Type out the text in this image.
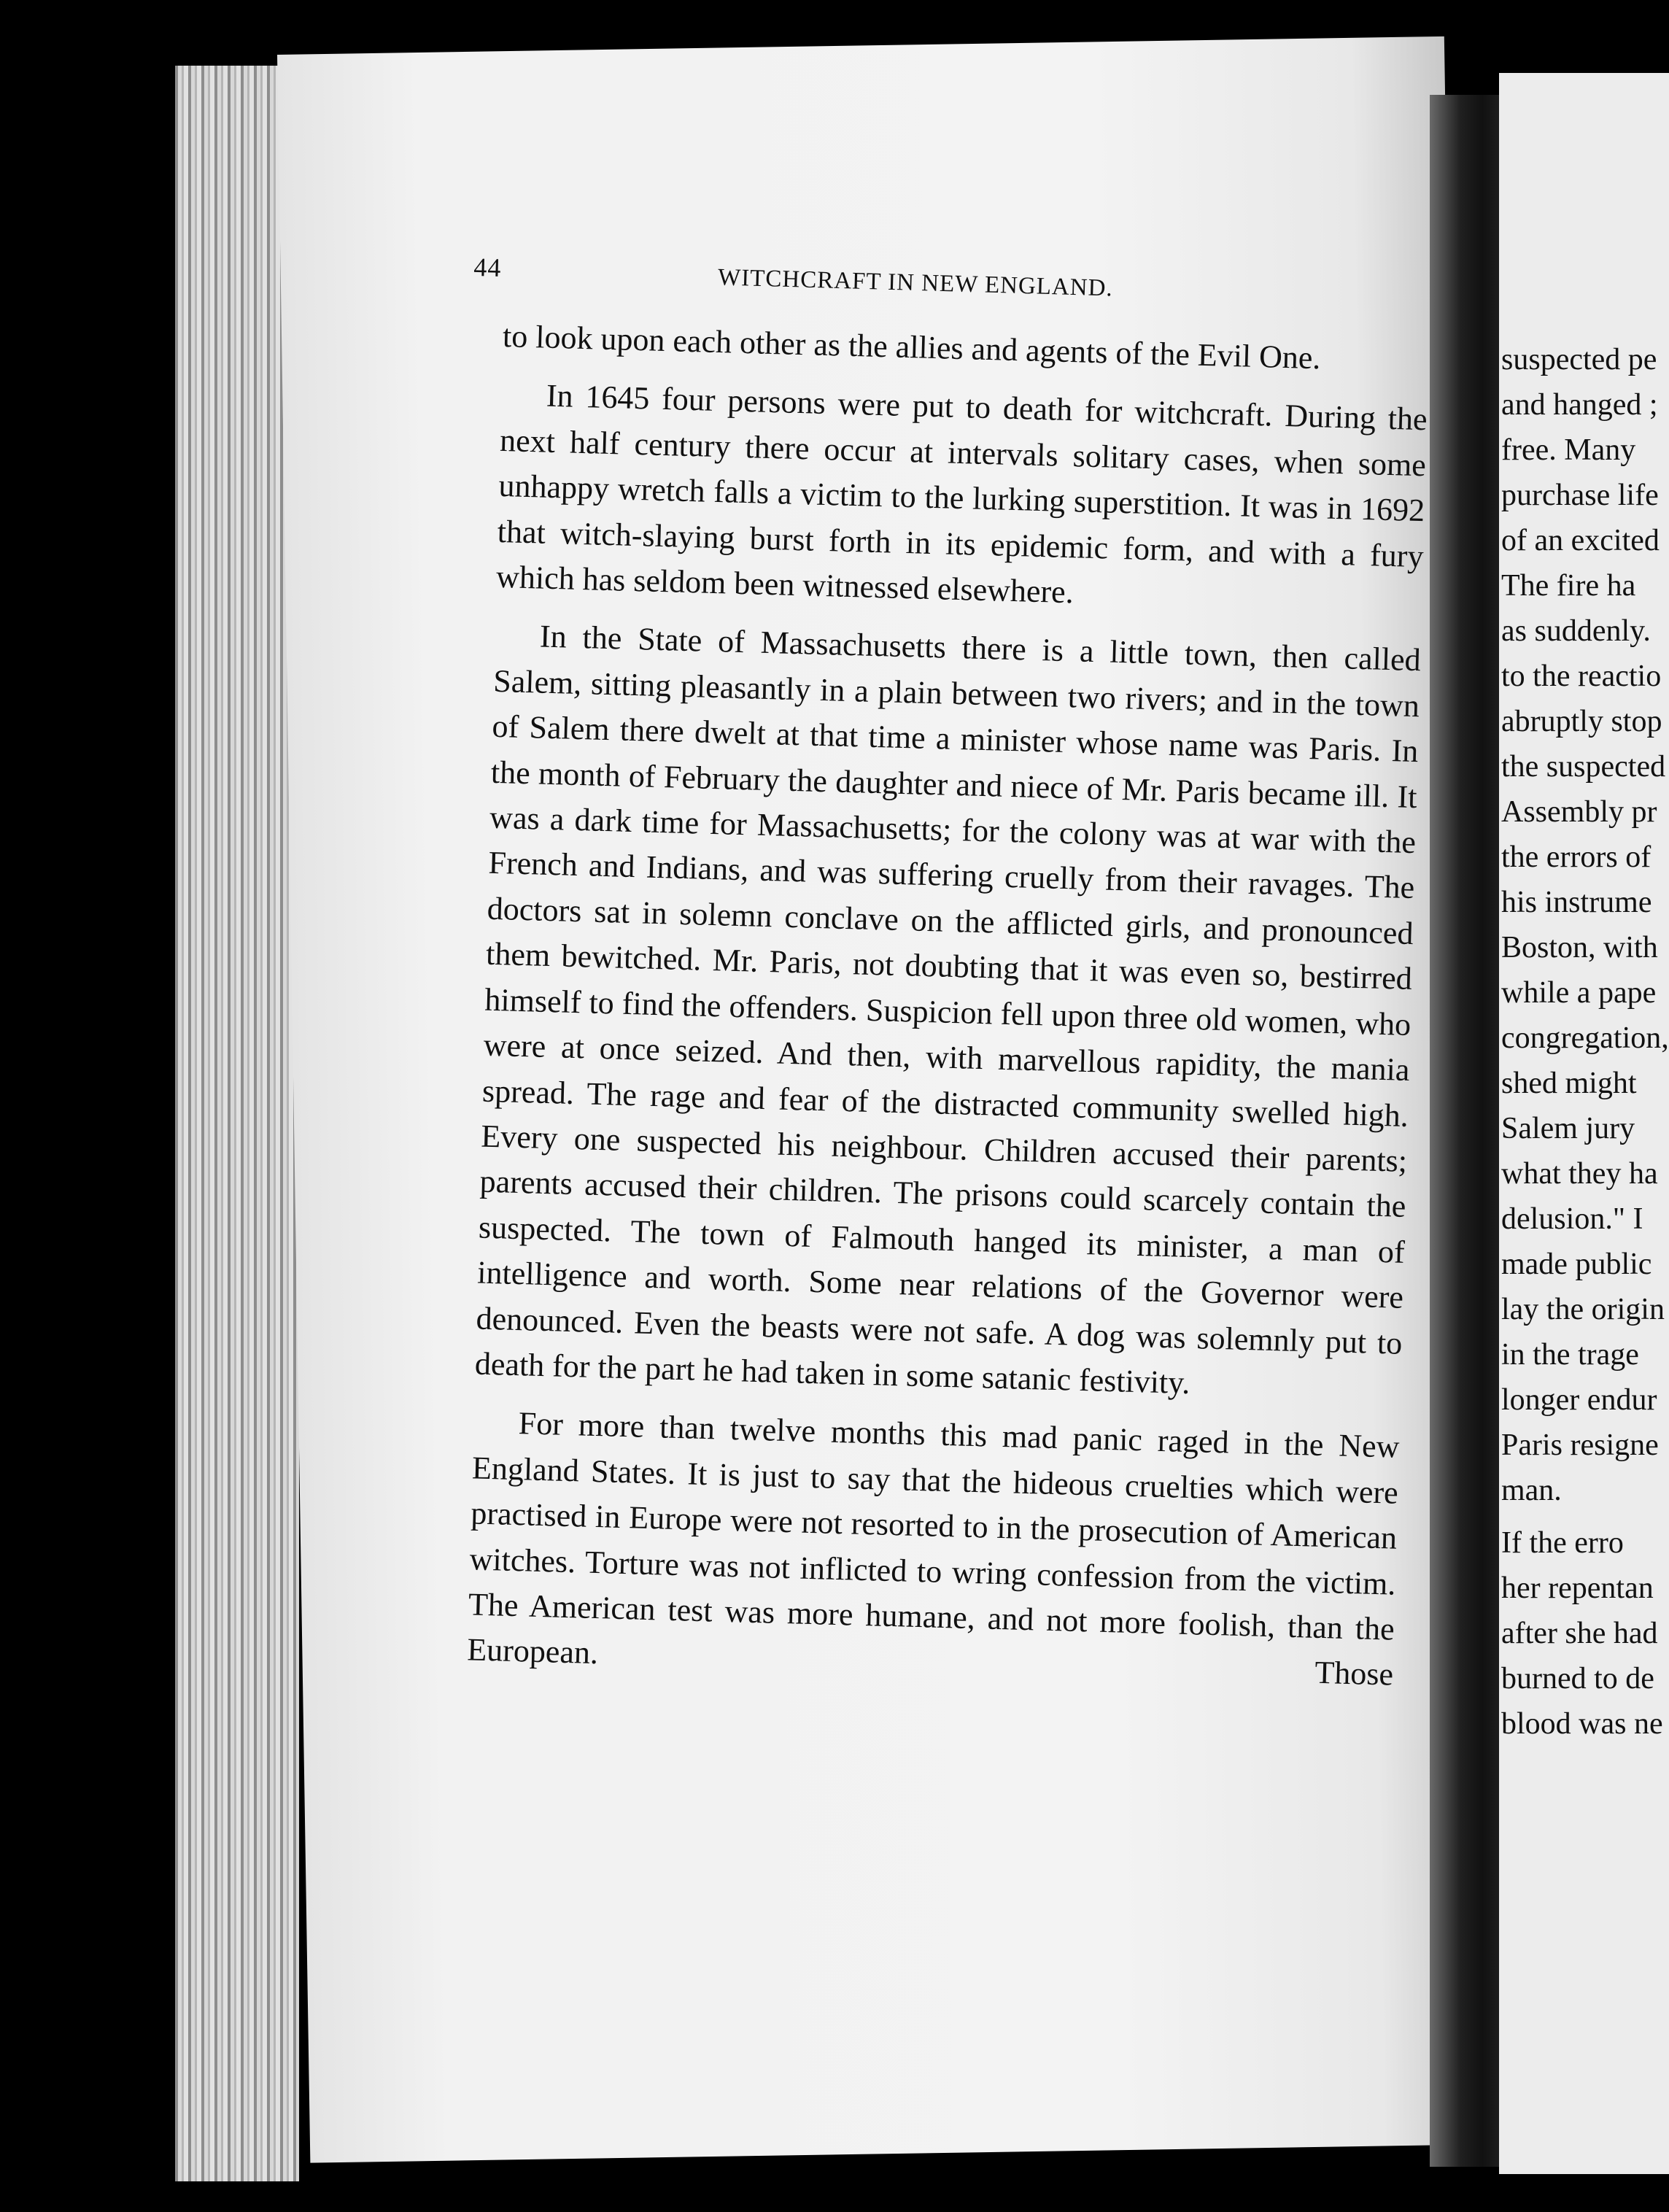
44	WITCHCRAFT IN NEW ENGLAND.

to look upon each other as the allies and agents of the Evil One.

In 1645 four persons were put to death for witchcraft. During the next half century there occur at intervals solitary cases, when some unhappy wretch falls a victim to the lurking superstition. It was in 1692 that witch-slaying burst forth in its epidemic form, and with a fury which has seldom been witnessed elsewhere.

In the State of Massachusetts there is a little town, then called Salem, sitting pleasantly in a plain between two rivers; and in the town of Salem there dwelt at that time a minister whose name was Paris. In the month of February the daughter and niece of Mr. Paris became ill. It was a dark time for Massachusetts; for the colony was at war with the French and Indians, and was suffering cruelly from their ravages. The doctors sat in solemn conclave on the afflicted girls, and pronounced them bewitched. Mr. Paris, not doubting that it was even so, bestirred himself to find the offenders. Suspicion fell upon three old women, who were at once seized. And then, with marvellous rapidity, the mania spread. The rage and fear of the distracted community swelled high. Every one suspected his neighbour. Children accused their parents; parents accused their children. The prisons could scarcely contain the suspected. The town of Falmouth hanged its minister, a man of intelligence and worth. Some near relations of the Governor were denounced. Even the beasts were not safe. A dog was solemnly put to death for the part he had taken in some satanic festivity.

For more than twelve months this mad panic raged in the New England States. It is just to say that the hideous cruelties which were practised in Europe were not resorted to in the prosecution of American witches. Torture was not inflicted to wring confession from the victim. The American test was more humane, and not more foolish, than the European. Those

suspected pe
and hanged ;
free. Many
purchase life
of an excited
The fire ha
as suddenly.
to the reactio
abruptly stop
the suspected
Assembly pr
the errors of
his instrume
Boston, with
while a pape
congregation,
shed might
Salem jury
what they ha
delusion." I
made public
lay the origin
in the trage
longer endur
Paris resigne
man.
If the erro
her repentan
after she had
burned to de
blood was ne
